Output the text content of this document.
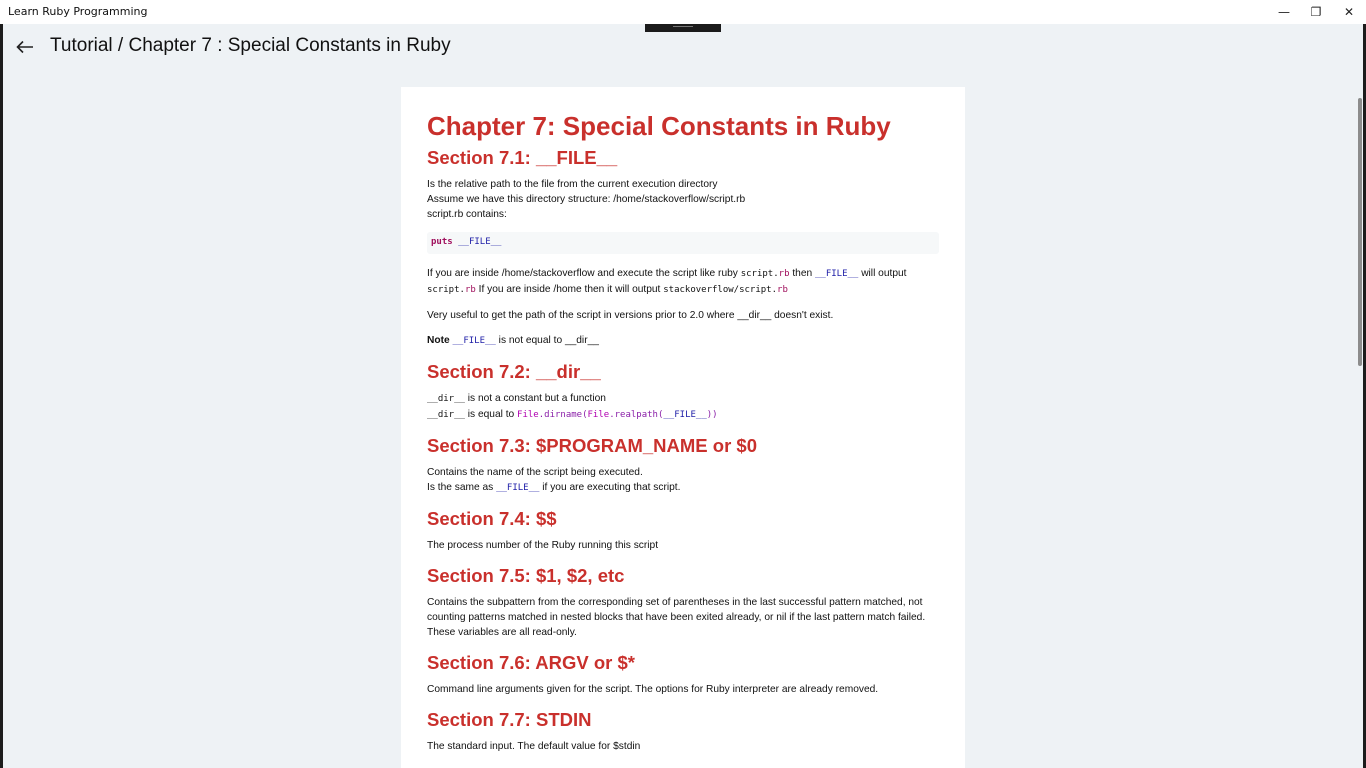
Learn Ruby Programming	— ❐ ✕
Tutorial / Chapter 7 : Special Constants in Ruby
Chapter 7: Special Constants in Ruby
Section 7.1: __FILE__
Is the relative path to the file from the current execution directory
Assume we have this directory structure: /home/stackoverflow/script.rb
script.rb contains:
puts __FILE__
If you are inside /home/stackoverflow and execute the script like ruby script.rb then __FILE__ will output
script.rb If you are inside /home then it will output stackoverflow/script.rb
Very useful to get the path of the script in versions prior to 2.0 where __dir__ doesn't exist.
Note __FILE__ is not equal to __dir__
Section 7.2: __dir__
__dir__ is not a constant but a function
__dir__ is equal to File.dirname(File.realpath(__FILE__))
Section 7.3: $PROGRAM_NAME or $0
Contains the name of the script being executed.
Is the same as __FILE__ if you are executing that script.
Section 7.4: $$
The process number of the Ruby running this script
Section 7.5: $1, $2, etc
Contains the subpattern from the corresponding set of parentheses in the last successful pattern matched, not
counting patterns matched in nested blocks that have been exited already, or nil if the last pattern match failed.
These variables are all read-only.
Section 7.6: ARGV or $*
Command line arguments given for the script. The options for Ruby interpreter are already removed.
Section 7.7: STDIN
The standard input. The default value for $stdin
